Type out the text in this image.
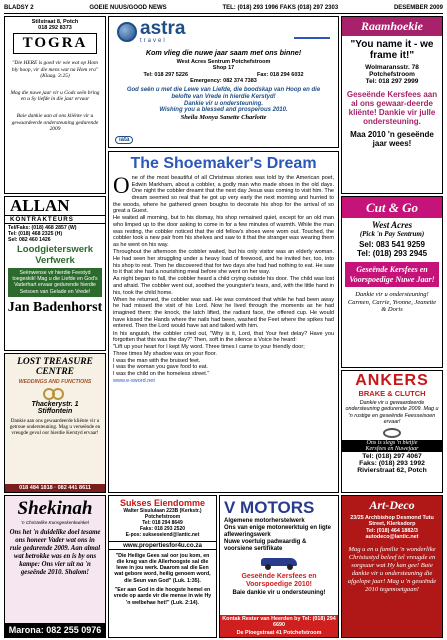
BLADSY 2	GOEIE NUUS/GOOD NEWS	TEL: (018) 293 1996 FAKS (018) 297 2303	DESEMBER 2009
Stilstraat 8, Potch
018 292 8373
TOGRA
"Die HERE is goed vir wie wat op Hom bly hoop, vir die mens wat na Hom vra" (Klaag. 3:25)
Mag die nuwe jaar vir u Gods seën bring en u Sy liefde in die jaar ervaar
Baie dankie aan al ons kliënte vir u gewaardeerde ondersteuning gedurende 2009
astra
travel
Kom vlieg die nuwe jaar saam met ons binne!
West Acres Sentrum Potchefstroom
Shop 17
Tel: 018 297 5226	Fax: 018 294 6032
Emergency: 082 374 7383
God seën u met die Lewe van Liefde, die boodskap van Hoop en die belofte van Vrede in hierdie Kerstyd!
Dankie vir u ondersteuning.
Wishing you a blessed and prosperous 2010.
Sheila Monya Sanette Charlotte
iata
Raamhoekie
"You name it - we frame it!"
Wolmaransstr. 78
Potchefstroom
Tel: 018 297 2999
Geseënde Kersfees aan al ons gewaar-deerde kliënte! Dankie vir julle ondersteuning.
Maa 2010 'n geseënde jaar wees!
ALLAN
KONTRAKTEURS
Tel/Faks: (018) 468 2857 (W)
Tel: (018) 468 2325 (H)
Sel: 082 460 1426
Loodgieterswerk Verfwerk
Seënwense vir hierdie Feestyd toegeskik! Mag u die Liefde en God's Vaderhart ervaar gedurende hierdie Seisoen van Gelade en Vrede!
Jan Badenhorst
LOST TREASURE
CENTRE
WEDDINGS AND FUNCTIONS
Thackerystr. 1
Stiffontein
Dankie aan ons gewaardeerde kliënte vir u getroue ondersteuning. Mag u verseënde en vreugde gevul oor hierdie Kerstyd ervaar!
018 484 1818 · 082 441 8611
The Shoemaker's Dream

One of the most beautiful of all Christmas stories was told by the American poet, Edwin Markham, about a cobbler, a godly man who made shoes in the old days. One night the cobbler dreamt that the next day Jesus was coming to visit him. The dream seemed so real that he got up very early the next morning and hurried to the woods, where he gathered green boughs to decorate his shop for the arrival of so great a Guest.

He waited all morning, but to his dismay, his shop remained quiet, except for an old man who limped up to the door asking to come in for a few minutes of warmth. While the man was resting, the cobbler noticed that the old fellow's shoes were worn out. Touched, the cobbler took a new pair from his shelves and saw to it that the stranger was wearing them as he went on his way.

Throughout the afternoon the cobbler waited, but his only visitor was an elderly woman. He had seen her struggling under a heavy load of firewood, and he invited her, too, into his shop to rest. Then he discovered that for two days she had had nothing to eat. He saw to it that she had a nourishing meal before she went on her way.

As night began to fall, the cobbler heard a child crying outside his door. The child was lost and afraid. The cobbler went out, soothed the youngster's tears, and, with the little hand in his, took the child home.

When he returned, the cobbler was sad. He was convinced that while he had been away he had missed the visit of his Lord. Now he lived through the moments as he had imagined them: the knock, the latch lifted, the radiant face, the offered cup. He would have kissed the Hands where the nails had been, washed the Feet where the spikes had entered. Then the Lord would have sat and talked with him.

In his anguish, the cobbler cried out, "Why is it, Lord, that Your feet delay? Have you forgotten that this was the day?" Then, soft in the silence a Voice he heard:

"Lift up your heart for I kept My word. Three times I came to your friendly door;
Three times My shadow was on your floor.
I was the man with the bruised feet.
I was the woman you gave food to eat.
I was the child on the homeless street."
www.e-sword.net
Cut & Go
West Acres
(Pick 'n Pay Sentrum)
Sel: 083 541 9259
Tel: (018) 293 2945
Geseënde Kersfees en Voorspoedige Nuwe Jaar!
Dankie vir u ondersteuning! Carmen, Carrie, Yvonne, Jeanette & Doris
ANKERS
BRAKE & CLUTCH
Dankie vir u gewaardeerde ondersteuning gedurende 2009. Mag u 'n rustige en geseënde Feesseisoen ervaar!
Ons is slegs 'n bietjie
Kersfees en Nuwejaar
Tel: (018) 297 4067
Faks: (018) 293 1992
Rivierstraat 62, Potch
Shekinah
'n Christelike Kunsgeskenkwinkel
Ons het 'n duidelike doel tesame ons honeer Vader wat ons in ruie gedurende 2009. Aan almal wat betrokke was en is by ons kampe: Ons vier uit na 'n geseënde 2010. Shalom!
Marona: 082 255 0976
Sukses Eiendomme
Walter Sisululaan 223B (Kerkstr.)
Potchefstroom
Tel: 018 294 8649
Faks: 018 293 2520
E-pos: sukseseiend@lantic.net
www.propertiesfor4u.co.za
"Die Heilige Gees sal oor jou kom, en die krag van die Allerhoogste sal die lewe in jou werk. Daarom sal die Een wat gebore word, heilig genoem word, die Seun van God" (Luk. 1:35).
"Eer aan God in die hoogste hemel en vrede op aarde vir die mense in wie Hy 'n welbehae het!" (Luk. 2:14).
V MOTORS
Algemene motorherstelwerk
Ons van enige motorwerktuig en ligte afleweringswerk
Nuwe voertuig padwaardig & voorsiene sertifikate
Geseënde Kersfees en Voorspoedige 2010!
Baie dankie vir u ondersteuning!
Kontak Rester van Heerden by Tel: (018) 294 6690
De Ploegstraat 41 Potchefstroom
Art-Deco
23/25 Archbishop Desmond Tutu Street, Klerksdorp
Tel: (018) 464 1882/3
autodeco@lantic.net
Mag u en u familie 'n wonderlike Christustyd beleef tel vreugde en sorgsuur wat Hy kan gee! Baie dankie vir u ondersteuning die afgelope jaar! Mag u 'n geseënde 2010 tegemoetgaan!
